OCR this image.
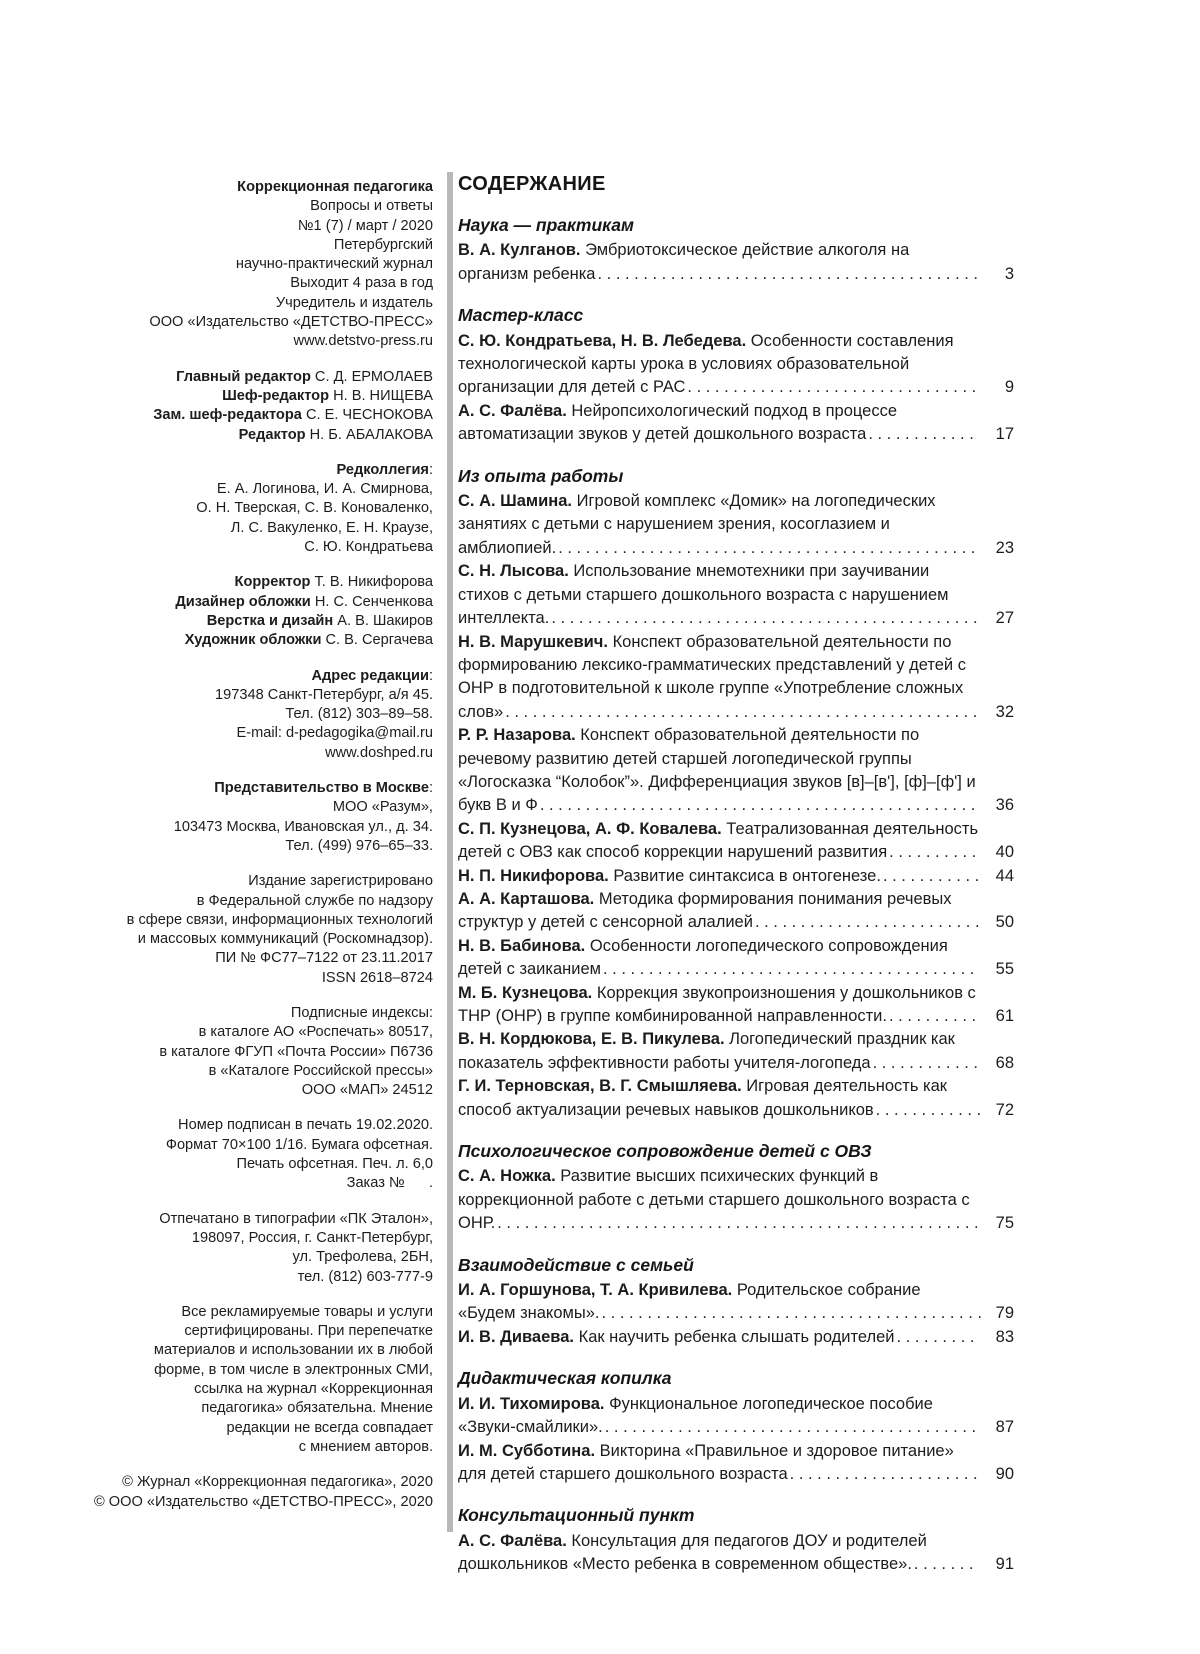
Коррекционная педагогика
Вопросы и ответы
№1 (7) / март / 2020
Петербургский
научно-практический журнал
Выходит 4 раза в год
Учредитель и издатель
ООО «Издательство «ДЕТСТВО-ПРЕСС»
www.detstvo-press.ru
Главный редактор С. Д. ЕРМОЛАЕВ
Шеф-редактор Н. В. НИЩЕВА
Зам. шеф-редактора С. Е. ЧЕСНОКОВА
Редактор Н. Б. АБАЛАКОВА
Редколлегия:
Е. А. Логинова, И. А. Смирнова,
О. Н. Тверская, С. В. Коноваленко,
Л. С. Вакуленко, Е. Н. Краузе,
С. Ю. Кондратьева
Корректор Т. В. Никифорова
Дизайнер обложки Н. С. Сенченкова
Верстка и дизайн А. В. Шакиров
Художник обложки С. В. Сергачева
Адрес редакции:
197348 Санкт-Петербург, а/я 45.
Тел. (812) 303–89–58.
E-mail: d-pedagogika@mail.ru
www.doshped.ru
Представительство в Москве:
МОО «Разум»,
103473 Москва, Ивановская ул., д. 34.
Тел. (499) 976–65–33.
Издание зарегистрировано
в Федеральной службе по надзору
в сфере связи, информационных технологий
и массовых коммуникаций (Роскомнадзор).
ПИ № ФС77–7122 от 23.11.2017
ISSN 2618–8724
Подписные индексы:
в каталоге АО «Роспечать» 80517,
в каталоге ФГУП «Почта России» П6736
в «Каталоге Российской прессы»
ООО «МАП» 24512
Номер подписан в печать 19.02.2020.
Формат 70×100 1/16. Бумага офсетная.
Печать офсетная. Печ. л. 6,0
Заказ №      .
Отпечатано в типографии «ПК Эталон»,
198097, Россия, г. Санкт-Петербург,
ул. Трефолева, 2БН,
тел. (812) 603-777-9
Все рекламируемые товары и услуги
сертифицированы. При перепечатке
материалов и использовании их в любой
форме, в том числе в электронных СМИ,
ссылка на журнал «Коррекционная
педагогика» обязательна. Мнение
редакции не всегда совпадает
с мнением авторов.
© Журнал «Коррекционная педагогика», 2020
© ООО «Издательство «ДЕТСТВО-ПРЕСС», 2020
СОДЕРЖАНИЕ
Наука — практикам

В. А. Кулганов. Эмбриотоксическое действие алкоголя на организм ребенка . . . . . . . . . . . . . . . . . . . . . . . . . . . . . . . . . . . . . . . . . . 3

Мастер-класс

С. Ю. Кондратьева, Н. В. Лебедева. Особенности составления технологической карты урока в условиях образовательной организации для детей с РАС . . . . . . . . . . . . . . . . . . . . . . . . . . . . . . . . 9

А. С. Фалёва. Нейропсихологический подход в процессе автоматизации звуков у детей дошкольного возраста . . . . . . . . . . . . 17

Из опыта работы

С. А. Шамина. Игровой комплекс «Домик» на логопедических занятиях с детьми с нарушением зрения, косоглазием и амблиопией. . . . . . . . . . . . . . . . . . . . . . . . . . . . . . . . . . . . . . . . . . . . . . . 23

С. Н. Лысова. Использование мнемотехники при заучивании стихов с детьми старшего дошкольного возраста с нарушением интеллекта. . . . . . . . . . . . . . . . . . . . . . . . . . . . . . . . . . . . . . . . . . . . . . . . 27

Н. В. Марушкевич. Конспект образовательной деятельности по формированию лексико-грамматических представлений у детей с ОНР в подготовительной к школе группе «Употребление сложных слов» . . . . . . . . . . . . . . . . . . . . . . . . . . . . . . . . . . . . . . . . . . . . . . . . . . . . 32

Р. Р. Назарова. Конспект образовательной деятельности по речевому развитию детей старшей логопедической группы «Логосказка “Колобок”». Дифференциация звуков [в]–[в'], [ф]–[ф'] и букв В и Ф . . . . . . . . . . . . . . . . . . . . . . . . . . . . . . . . . . . . . . . . . . . . . . . . 36

С. П. Кузнецова, А. Ф. Ковалева. Театрализованная деятельность детей с ОВЗ как способ коррекции нарушений развития . . . . . . . . . . 40

Н. П. Никифорова. Развитие синтаксиса в онтогенезе. . . . . . . . . . . . 44

А. А. Карташова. Методика формирования понимания речевых структур у детей с сенсорной алалией . . . . . . . . . . . . . . . . . . . . . . . . . 50

Н. В. Бабинова. Особенности логопедического сопровождения детей с заиканием . . . . . . . . . . . . . . . . . . . . . . . . . . . . . . . . . . . . . . . . . 55

М. Б. Кузнецова. Коррекция звукопроизношения у дошкольников с ТНР (ОНР) в группе комбинированной направленности. . . . . . . . . . . 61

В. Н. Кордюкова, Е. В. Пикулева. Логопедический праздник как показатель эффективности работы учителя-логопеда . . . . . . . . . . . . 68

Г. И. Терновская, В. Г. Смышляева. Игровая деятельность как способ актуализации речевых навыков дошкольников . . . . . . . . . . . . 72

Психологическое сопровождение детей с ОВЗ

С. А. Ножка. Развитие высших психических функций в коррекционной работе с детьми старшего дошкольного возраста с ОНР. . . . . . . . . . . . . . . . . . . . . . . . . . . . . . . . . . . . . . . . . . . . . . . . . . . . . . 75

Взаимодействие с семьей

И. А. Горшунова, Т. А. Кривилева. Родительское собрание «Будем знакомы». . . . . . . . . . . . . . . . . . . . . . . . . . . . . . . . . . . . . . . . . . . 79

И. В. Диваева. Как научить ребенка слышать родителей . . . . . . . . . 83

Дидактическая копилка

И. И. Тихомирова. Функциональное логопедическое пособие «Звуки-смайлики». . . . . . . . . . . . . . . . . . . . . . . . . . . . . . . . . . . . . . . . . . 87

И. М. Субботина. Викторина «Правильное и здоровое питание» для детей старшего дошкольного возраста . . . . . . . . . . . . . . . . . . . . . 90

Консультационный пункт

А. С. Фалёва. Консультация для педагогов ДОУ и родителей дошкольников «Место ребенка в современном обществе». . . . . . . . 91
